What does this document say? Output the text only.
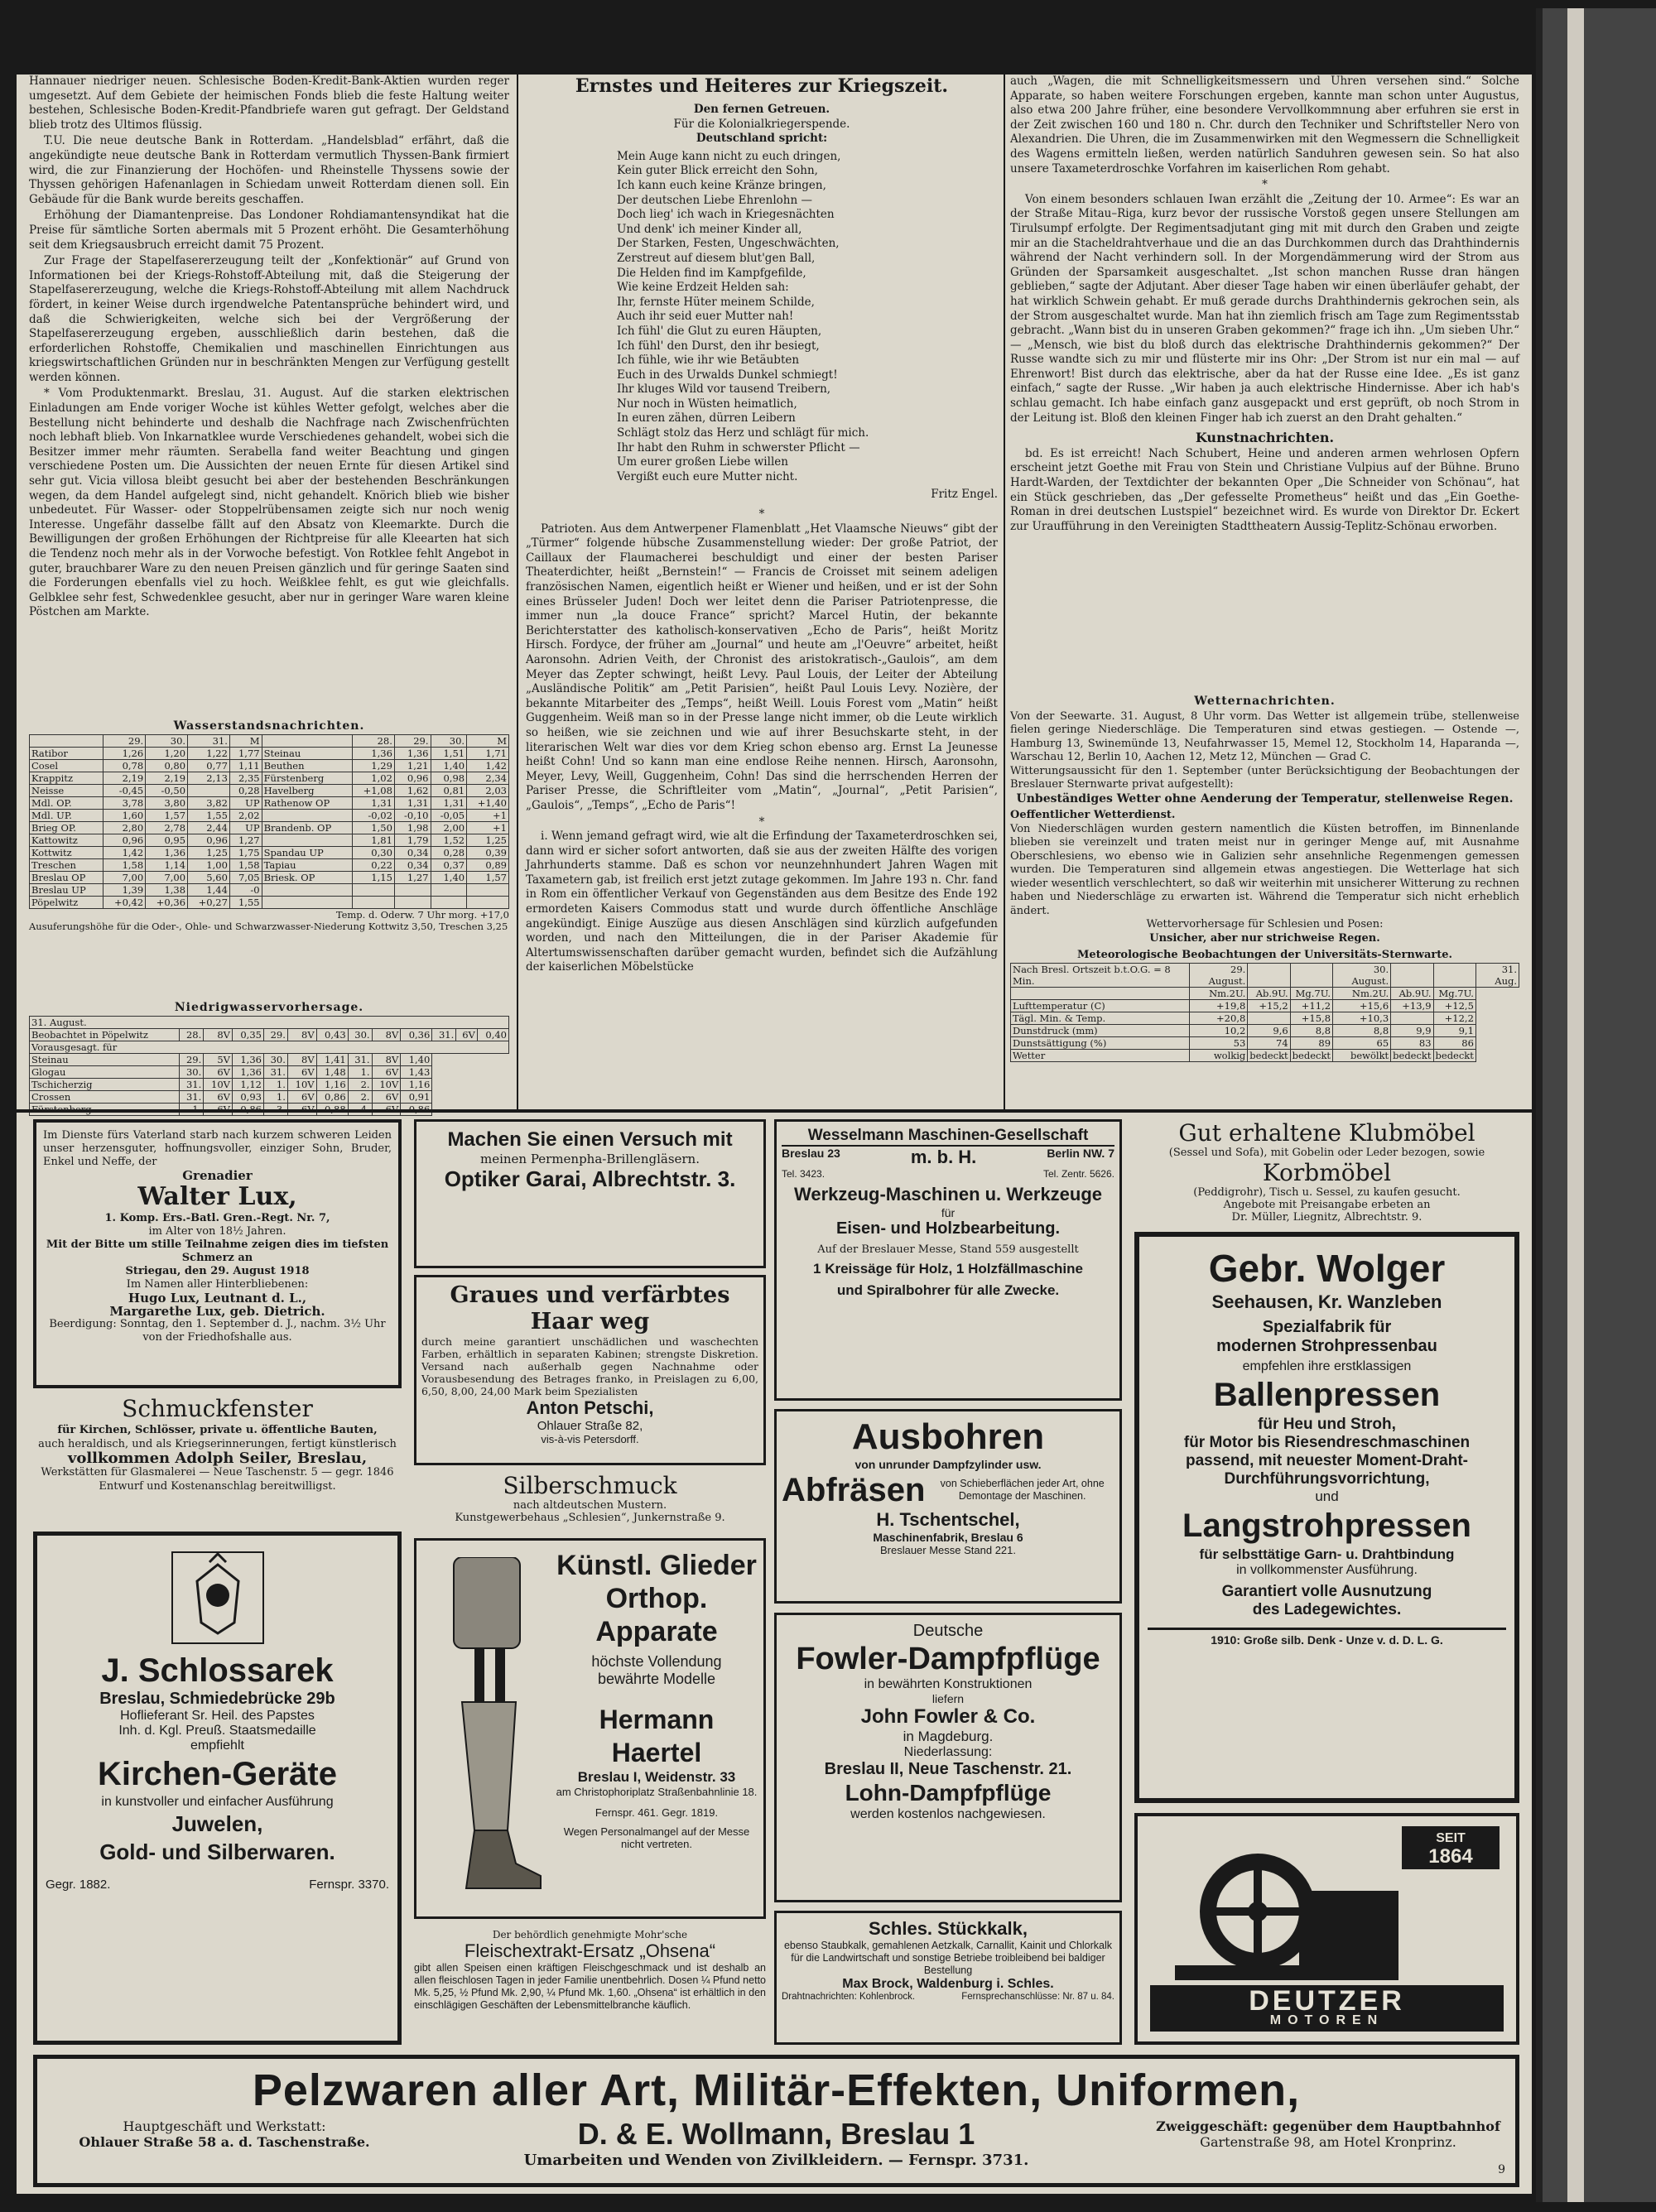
Hannauer niedriger neuen. Schlesische Boden-Kredit-Bank-Aktien wurden reger umgesetzt. Auf dem Gebiete der heimischen Fonds blieb die feste Haltung weiter bestehen, Schlesische Boden-Kredit-Pfandbriefe waren gut gefragt. Der Geldstand blieb trotz des Ultimos flüssig.

T.U. Die neue deutsche Bank in Rotterdam. „Handelsblad“ erfährt, daß die angekündigte neue deutsche Bank in Rotterdam vermutlich Thyssen-Bank firmiert wird, die zur Finanzierung der Hochöfen- und Rheinstelle Thyssens sowie der Thyssen gehörigen Hafenanlagen in Schiedam unweit Rotterdam dienen soll. Ein Gebäude für die Bank wurde bereits geschaffen.

Erhöhung der Diamantenpreise. Das Londoner Rohdiamantensyndikat hat die Preise für sämtliche Sorten abermals mit 5 Prozent erhöht. Die Gesamterhöhung seit dem Kriegsausbruch erreicht damit 75 Prozent.

Zur Frage der Stapelfasererzeugung teilt der „Konfektionär“ auf Grund von Informationen bei der Kriegs-Rohstoff-Abteilung mit, daß die Steigerung der Stapelfasererzeugung, welche die Kriegs-Rohstoff-Abteilung mit allem Nachdruck fördert, in keiner Weise durch irgendwelche Patentansprüche behindert wird, und daß die Schwierigkeiten, welche sich bei der Vergrößerung der Stapelfasererzeugung ergeben, ausschließlich darin bestehen, daß die erforderlichen Rohstoffe, Chemikalien und maschinellen Einrichtungen aus kriegswirtschaftlichen Gründen nur in beschränkten Mengen zur Verfügung gestellt werden können.

* Vom Produktenmarkt. Breslau, 31. August. Auf die starken elektrischen Einladungen am Ende voriger Woche ist kühles Wetter gefolgt, welches aber die Bestellung nicht behinderte und deshalb die Nachfrage nach Zwischenfrüchten noch lebhaft blieb. Von Inkarnatklee wurde Verschiedenes gehandelt, wobei sich die Besitzer immer mehr räumten. Serabella fand weiter Beachtung und gingen verschiedene Posten um. Die Aussichten der neuen Ernte für diesen Artikel sind sehr gut. Vicia villosa bleibt gesucht bei aber der bestehenden Beschränkungen wegen, da dem Handel aufgelegt sind, nicht gehandelt. Knörich blieb wie bisher unbedeutet. Für Wasser- oder Stoppelrübensamen zeigte sich nur noch wenig Interesse. Ungefähr dasselbe fällt auf den Absatz von Kleemarkte. Durch die Bewilligungen der großen Erhöhungen der Richtpreise für alle Kleearten hat sich die Tendenz noch mehr als in der Vorwoche befestigt. Von Rotklee fehlt Angebot in guter, brauchbarer Ware zu den neuen Preisen gänzlich und für geringe Saaten sind die Forderungen ebenfalls viel zu hoch. Weißklee fehlt, es gut wie gleichfalls. Gelbklee sehr fest, Schwedenklee gesucht, aber nur in geringer Ware waren kleine Pöstchen am Markte.

Wasserstandsnachrichten.
	29.	30.	31.	M		28.	29.	30.	M
Ratibor	1,26	1,20	1,22	1,77	Steinau	1,36	1,36	1,51	1,71
Cosel	0,78	0,80	0,77	1,11	Beuthen	1,29	1,21	1,40	1,42
Krappitz	2,19	2,19	2,13	2,35	Fürstenberg	1,02	0,96	0,98	2,34
Neisse	-0,45	-0,50		0,28	Havelberg	+1,08	1,62	0,81	2,03
Mdl. OP.	3,78	3,80	3,82	UP	Rathenow OP	1,31	1,31	1,31	+1,40
Mdl. UP.	1,60	1,57	1,55	2,02		-0,02	-0,10	-0,05	+1
Brieg OP.	2,80	2,78	2,44	UP	Brandenb. OP	1,50	1,98	2,00	+1
Kattowitz	0,96	0,95	0,96	1,27		1,81	1,79	1,52	1,25
Kottwitz	1,42	1,36	1,25	1,75	Spandau UP	0,30	0,34	0,28	0,39
Treschen	1,58	1,14	1,00	1,58	Tapiau	0,22	0,34	0,37	0,89
Breslau OP	7,00	7,00	5,60	7,05	Briesk. OP	1,15	1,27	1,40	1,57
Breslau UP	1,39	1,38	1,44	-0					
Pöpelwitz	+0,42	+0,36	+0,27	1,55					
Temp. d. Oderw. 7 Uhr morg. +17,0
Ausuferungshöhe für die Oder-, Ohle- und Schwarzwasser-Niederung Kottwitz 3,50, Treschen 3,25
Niedrigwasservorhersage.
31. August.												
Beobachtet in Pöpelwitz	28.	8V	0,35	29.	8V	0,43	30.	8V	0,36	31.	6V	0,40
Vorausgesagt. für												
Steinau	29.	5V	1,36	30.	8V	1,41	31.	8V	1,40			
Glogau	30.	6V	1,36	31.	6V	1,48	1.	6V	1,43			
Tschicherzig	31.	10V	1,12	1.	10V	1,16	2.	10V	1,16			
Crossen	31.	6V	0,93	1.	6V	0,86	2.	6V	0,91			

Ernstes und Heiteres zur Kriegszeit.
Den fernen Getreuen.
Für die Kolonialkriegerspende.
Deutschland spricht:
Mein Auge kann nicht zu euch dringen,
Kein guter Blick erreicht den Sohn,
Ich kann euch keine Kränze bringen,
Der deutschen Liebe Ehrenlohn —
Doch lieg' ich wach in Kriegesnächten
Und denk' ich meiner Kinder all,
Der Starken, Festen, Ungeschwächten,
Zerstreut auf diesem blut'gen Ball,
Die Helden find im Kampfgefilde,
Wie keine Erdzeit Helden sah:
Ihr, fernste Hüter meinem Schilde,
Auch ihr seid euer Mutter nah!
Ich fühl' die Glut zu euren Häupten,
Ich fühl' den Durst, den ihr besiegt,
Ich fühle, wie ihr wie Betäubten
Euch in des Urwalds Dunkel schmiegt!
Ihr kluges Wild vor tausend Treibern,
Nur noch in Wüsten heimatlich,
In euren zähen, dürren Leibern
Schlägt stolz das Herz und schlägt für mich.
Ihr habt den Ruhm in schwerster Pflicht —
Um eurer großen Liebe willen
Vergißt euch eure Mutter nicht.
Fritz Engel.
*

Patrioten. Aus dem Antwerpener Flamenblatt „Het Vlaamsche Nieuws“ gibt der „Türmer“ folgende hübsche Zusammenstellung wieder: Der große Patriot, der Caillaux der Flaumacherei beschuldigt und einer der besten Pariser Theaterdichter, heißt „Bernstein!“ — Francis de Croisset mit seinem adeligen französischen Namen, eigentlich heißt er Wiener und heißen, und er ist der Sohn eines Brüsseler Juden! Doch wer leitet denn die Pariser Patriotenpresse, die immer nun „la douce France“ spricht? Marcel Hutin, der bekannte Berichterstatter des katholisch-konservativen „Echo de Paris“, heißt Moritz Hirsch. Fordyce, der früher am „Journal“ und heute am „l'Oeuvre“ arbeitet, heißt Aaronsohn. Adrien Veith, der Chronist des aristokratisch-„Gaulois“, am dem Meyer das Zepter schwingt, heißt Levy. Paul Louis, der Leiter der Abteilung „Ausländische Politik“ am „Petit Parisien“, heißt Paul Louis Levy. Nozière, der bekannte Mitarbeiter des „Temps“, heißt Weill. Louis Forest vom „Matin“ heißt Guggenheim. Weiß man so in der Presse lange nicht immer, ob die Leute wirklich so heißen, wie sie zeichnen und wie auf ihrer Besuchskarte steht, in der literarischen Welt war dies vor dem Krieg schon ebenso arg. Ernst La Jeunesse heißt Cohn! Und so kann man eine endlose Reihe nennen. Hirsch, Aaronsohn, Meyer, Levy, Weill, Guggenheim, Cohn! Das sind die herrschenden Herren der Pariser Presse, die Schriftleiter vom „Matin“, „Journal“, „Petit Parisien“, „Gaulois“, „Temps“, „Echo de Paris“!

*

i. Wenn jemand gefragt wird, wie alt die Erfindung der Taxameterdroschken sei, dann wird er sicher sofort antworten, daß sie aus der zweiten Hälfte des vorigen Jahrhunderts stamme. Daß es schon vor neunzehnhundert Jahren Wagen mit Taxametern gab, ist freilich erst jetzt zutage gekommen. Im Jahre 193 n. Chr. fand in Rom ein öffentlicher Verkauf von Gegenständen aus dem Besitze des Ende 192 ermordeten Kaisers Commodus statt und wurde durch öffentliche Anschläge angekündigt. Einige Auszüge aus diesen Anschlägen sind kürzlich aufgefunden worden, und nach den Mitteilungen, die in der Pariser Akademie für Altertumswissenschaften darüber gemacht wurden, befindet sich die Aufzählung der kaiserlichen Möbelstücke

auch „Wagen, die mit Schnelligkeitsmessern und Uhren versehen sind.“ Solche Apparate, so haben weitere Forschungen ergeben, kannte man schon unter Augustus, also etwa 200 Jahre früher, eine besondere Vervollkommnung aber erfuhren sie erst in der Zeit zwischen 160 und 180 n. Chr. durch den Techniker und Schriftsteller Nero von Alexandrien. Die Uhren, die im Zusammenwirken mit den Wegmessern die Schnelligkeit des Wagens ermitteln ließen, werden natürlich Sanduhren gewesen sein. So hat also unsere Taxameterdroschke Vorfahren im kaiserlichen Rom gehabt.

*

Von einem besonders schlauen Iwan erzählt die „Zeitung der 10. Armee“: Es war an der Straße Mitau–Riga, kurz bevor der russische Vorstoß gegen unsere Stellungen am Tirulsumpf erfolgte. Der Regimentsadjutant ging mit mit durch den Graben und zeigte mir an die Stacheldrahtverhaue und die an das Durchkommen durch das Drahthindernis während der Nacht verhindern soll. In der Morgendämmerung wird der Strom aus Gründen der Sparsamkeit ausgeschaltet. „Ist schon manchen Russe dran hängen geblieben,“ sagte der Adjutant. Aber dieser Tage haben wir einen überläufer gehabt, der hat wirklich Schwein gehabt. Er muß gerade durchs Drahthindernis gekrochen sein, als der Strom ausgeschaltet wurde. Man hat ihn ziemlich frisch am Tage zum Regimentsstab gebracht. „Wann bist du in unseren Graben gekommen?“ frage ich ihn. „Um sieben Uhr.“ — „Mensch, wie bist du bloß durch das elektrische Drahthindernis gekommen?“ Der Russe wandte sich zu mir und flüsterte mir ins Ohr: „Der Strom ist nur ein mal — auf Ehrenwort! Bist durch das elektrische, aber da hat der Russe eine Idee. „Es ist ganz einfach,“ sagte der Russe. „Wir haben ja auch elektrische Hindernisse. Aber ich hab's schlau gemacht. Ich habe einfach ganz ausgepackt und erst geprüft, ob noch Strom in der Leitung ist. Bloß den kleinen Finger hab ich zuerst an den Draht gehalten.“

Kunstnachrichten.

bd. Es ist erreicht! Nach Schubert, Heine und anderen armen wehrlosen Opfern erscheint jetzt Goethe mit Frau von Stein und Christiane Vulpius auf der Bühne. Bruno Hardt-Warden, der Textdichter der bekannten Oper „Die Schneider von Schönau“, hat ein Stück geschrieben, das „Der gefesselte Prometheus“ heißt und das „Ein Goethe-Roman in drei deutschen Lustspiel“ bezeichnet wird. Es wurde von Direktor Dr. Eckert zur Uraufführung in den Vereinigten Stadttheatern Aussig-Teplitz-Schönau erworben.

Wetternachrichten.
Von der Seewarte. 31. August, 8 Uhr vorm. Das Wetter ist allgemein trübe, stellenweise fielen geringe Niederschläge. Die Temperaturen sind etwas gestiegen. — Ostende —, Hamburg 13, Swinemünde 13, Neufahrwasser 15, Memel 12, Stockholm 14, Haparanda —, Warschau 12, Berlin 10, Aachen 12, Metz 12, München — Grad C.
Witterungsaussicht für den 1. September (unter Berücksichtigung der Beobachtungen der Breslauer Sternwarte privat aufgestellt):
Unbeständiges Wetter ohne Aenderung der Temperatur, stellenweise Regen.
Oeffentlicher Wetterdienst.
Von Niederschlägen wurden gestern namentlich die Küsten betroffen, im Binnenlande blieben sie vereinzelt und traten meist nur in geringer Menge auf, mit Ausnahme Oberschlesiens, wo ebenso wie in Galizien sehr ansehnliche Regenmengen gemessen wurden. Die Temperaturen sind allgemein etwas angestiegen. Die Wetterlage hat sich wieder wesentlich verschlechtert, so daß wir weiterhin mit unsicherer Witterung zu rechnen haben und Niederschläge zu erwarten ist. Während die Temperatur sich nicht erheblich ändert.
Wettervorhersage für Schlesien und Posen:
Unsicher, aber nur strichweise Regen.
Meteorologische Beobachtungen der Universitäts-Sternwarte.
Nach Bresl. Ortszeit b.t.O.G. = 8 Min.	29. August.			30. August.			31. Aug.
	Nm.2U.	Ab.9U.	Mg.7U.	Nm.2U.	Ab.9U.	Mg.7U.	
Lufttemperatur (C)	+19,8	+15,2	+11,2	+15,6	+13,9	+12,5	
Tägl. Min. & Temp.	+20,8		+15,8	+10,3		+12,2	
Dunstdruck (mm)	10,2	9,6	8,8	8,8	9,9	9,1	
Dunstsättigung (%)	53	74	89	65	83	86	
Wetter	wolkig	bedeckt	bedeckt	bewölkt	bedeckt	bedeckt	
Im Dienste fürs Vaterland starb nach kurzem schweren Leiden unser herzensguter, hoffnungsvoller, einziger Sohn, Bruder, Enkel und Neffe, der
Grenadier
Walter Lux,
1. Komp. Ers.-Batl. Gren.-Regt. Nr. 7,
im Alter von 18½ Jahren.
Mit der Bitte um stille Teilnahme zeigen dies im tiefsten Schmerz an
Striegau, den 29. August 1918
Im Namen aller Hinterbliebenen:
Hugo Lux, Leutnant d. L.,
Margarethe Lux, geb. Dietrich.
Beerdigung: Sonntag, den 1. September d. J., nachm. 3½ Uhr von der Friedhofshalle aus.
Schmuckfenster
für Kirchen, Schlösser, private u. öffentliche Bauten,
auch heraldisch, und als Kriegserinnerungen, fertigt künstlerisch
vollkommen Adolph Seiler, Breslau,
Werkstätten für Glasmalerei — Neue Taschenstr. 5 — gegr. 1846
Entwurf und Kostenanschlag bereitwilligst.
J. Schlossarek
Breslau, Schmiedebrücke 29b
Hoflieferant Sr. Heil. des Papstes
Inh. d. Kgl. Preuß. Staatsmedaille
empfiehlt
Kirchen-Geräte
in kunstvoller und einfacher Ausführung
Juwelen,
Gold- und Silberwaren.
Gegr. 1882.	Fernspr. 3370.
Machen Sie einen Versuch mit
meinen Permenpha-Brillengläsern.
Optiker Garai, Albrechtstr. 3.
Graues und verfärbtes Haar weg
durch meine garantiert unschädlichen und waschechten Farben, erhältlich in separaten Kabinen; strengste Diskretion. Versand nach außerhalb gegen Nachnahme oder Vorausbesendung des Betrages franko, in Preislagen zu 6,00, 6,50, 8,00, 24,00 Mark beim Spezialisten
Anton Petschi,
Ohlauer Straße 82,
vis-à-vis Petersdorff.
Silberschmuck
nach altdeutschen Mustern.
Kunstgewerbehaus „Schlesien“, Junkernstraße 9.
Künstl. Glieder
Orthop. Apparate
höchste Vollendung
bewährte Modelle
Hermann Haertel
Breslau I, Weidenstr. 33
am Christophoriplatz Straßenbahnlinie 18.
Fernspr. 461. Gegr. 1819.
Wegen Personalmangel auf der Messe nicht vertreten.
Der behördlich genehmigte Mohr'sche
Fleischextrakt-Ersatz „Ohsena“
gibt allen Speisen einen kräftigen Fleischgeschmack und ist deshalb an allen fleischlosen Tagen in jeder Familie unentbehrlich. Dosen ¼ Pfund netto Mk. 5,25, ½ Pfund Mk. 2,90, ¼ Pfund Mk. 1,60. „Ohsena“ ist erhältlich in den einschlägigen Geschäften der Lebensmittelbranche käuflich.
Wesselmann Maschinen-Gesellschaft
Breslau 23	m. b. H.	Berlin NW. 7
Tel. 3423.	Tel. Zentr. 5626.
Werkzeug-Maschinen u. Werkzeuge
für
Eisen- und Holzbearbeitung.
Auf der Breslauer Messe, Stand 559 ausgestellt
1 Kreissäge für Holz, 1 Holzfällmaschine
und Spiralbohrer für alle Zwecke.
Ausbohren
von unrunder Dampfzylinder usw.
Abfräsen	von Schieberflächen jeder Art, ohne Demontage der Maschinen.
H. Tschentschel,
Maschinenfabrik, Breslau 6
Breslauer Messe Stand 221.
Deutsche
Fowler-Dampfpflüge
in bewährten Konstruktionen
liefern
John Fowler & Co.
in Magdeburg.
Niederlassung:
Breslau II, Neue Taschenstr. 21.
Lohn-Dampfpflüge
werden kostenlos nachgewiesen.
Schles. Stückkalk,
ebenso Staubkalk, gemahlenen Aetzkalk, Carnallit, Kainit und Chlorkalk für die Landwirtschaft und sonstige Betriebe troibleibend bei baldiger Bestellung
Max Brock, Waldenburg i. Schles.
Drahtnachrichten: Kohlenbrock.	Fernsprechanschlüsse: Nr. 87 u. 84.
Gut erhaltene Klubmöbel
(Sessel und Sofa), mit Gobelin oder Leder bezogen, sowie
Korbmöbel
(Peddigrohr), Tisch u. Sessel, zu kaufen gesucht.
Angebote mit Preisangabe erbeten an
Dr. Müller, Liegnitz, Albrechtstr. 9.
Gebr. Wolger
Seehausen, Kr. Wanzleben
Spezialfabrik für
modernen Strohpressenbau
empfehlen ihre erstklassigen
Ballenpressen
für Heu und Stroh,
für Motor bis Riesendreschmaschinen
passend, mit neuester Moment-Draht-
Durchführungsvorrichtung,
und
Langstrohpressen
für selbsttätige Garn- u. Drahtbindung
in vollkommenster Ausführung.
Garantiert volle Ausnutzung
des Ladegewichtes.
1910: Große silb. Denk - Unze v. d. D. L. G.
SEIT
1864
DEUTZER
MOTOREN
Pelzwaren aller Art, Militär-Effekten, Uniformen,
Hauptgeschäft und Werkstatt:
Ohlauer Straße 58 a. d. Taschenstraße.	D. & E. Wollmann, Breslau 1	Zweiggeschäft: gegenüber dem Hauptbahnhof
Gartenstraße 98, am Hotel Kronprinz.
Umarbeiten und Wenden von Zivilkleidern. — Fernspr. 3731.
9
